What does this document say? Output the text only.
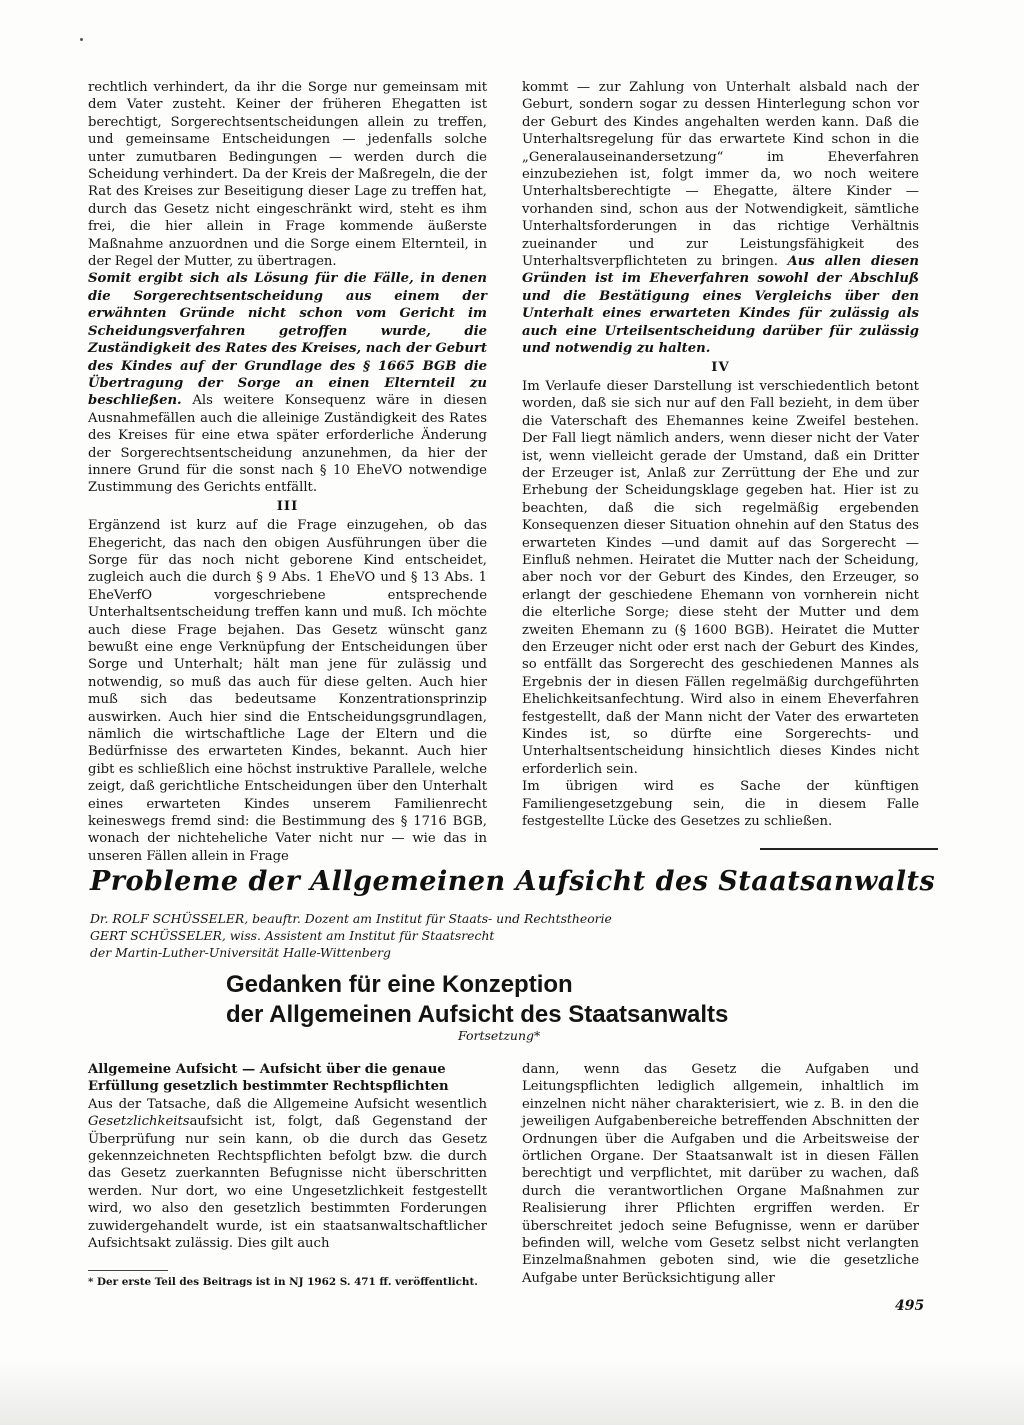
rechtlich verhindert, da ihr die Sorge nur gemeinsam mit dem Vater zusteht. Keiner der früheren Ehegatten ist berechtigt, Sorgerechtsentscheidungen allein zu treffen, und gemeinsame Entscheidungen — jedenfalls solche unter zumutbaren Bedingungen — werden durch die Scheidung verhindert. Da der Kreis der Maßregeln, die der Rat des Kreises zur Beseitigung dieser Lage zu treffen hat, durch das Gesetz nicht eingeschränkt wird, steht es ihm frei, die hier allein in Frage kommende äußerste Maßnahme anzuordnen und die Sorge einem Elternteil, in der Regel der Mutter, zu übertragen.

Somit ergibt sich als Lösung für die Fälle, in denen die Sorgerechtsentscheidung aus einem der erwähnten Gründe nicht schon vom Gericht im Scheidungsverfahren getroffen wurde, die Zuständigkeit des Rates des Kreises, nach der Geburt des Kindes auf der Grundlage des § 1665 BGB die Übertragung der Sorge an einen Elternteil zu beschließen. Als weitere Konsequenz wäre in diesen Ausnahmefällen auch die alleinige Zuständigkeit des Rates des Kreises für eine etwa später erforderliche Änderung der Sorgerechtsentscheidung anzunehmen, da hier der innere Grund für die sonst nach § 10 EheVO notwendige Zustimmung des Gerichts entfällt.

III

Ergänzend ist kurz auf die Frage einzugehen, ob das Ehegericht, das nach den obigen Ausführungen über die Sorge für das noch nicht geborene Kind entscheidet, zugleich auch die durch § 9 Abs. 1 EheVO und § 13 Abs. 1 EheVerfO vorgeschriebene entsprechende Unterhaltsentscheidung treffen kann und muß. Ich möchte auch diese Frage bejahen. Das Gesetz wünscht ganz bewußt eine enge Verknüpfung der Entscheidungen über Sorge und Unterhalt; hält man jene für zulässig und notwendig, so muß das auch für diese gelten. Auch hier muß sich das bedeutsame Konzentrationsprinzip auswirken. Auch hier sind die Entscheidungsgrundlagen, nämlich die wirtschaftliche Lage der Eltern und die Bedürfnisse des erwarteten Kindes, bekannt. Auch hier gibt es schließlich eine höchst instruktive Parallele, welche zeigt, daß gerichtliche Entscheidungen über den Unterhalt eines erwarteten Kindes unserem Familienrecht keineswegs fremd sind: die Bestimmung des § 1716 BGB, wonach der nichteheliche Vater nicht nur — wie das in unseren Fällen allein in Frage

kommt — zur Zahlung von Unterhalt alsbald nach der Geburt, sondern sogar zu dessen Hinterlegung schon vor der Geburt des Kindes angehalten werden kann. Daß die Unterhaltsregelung für das erwartete Kind schon in die „Generalauseinandersetzung“ im Eheverfahren einzubeziehen ist, folgt immer da, wo noch weitere Unterhaltsberechtigte — Ehegatte, ältere Kinder — vorhanden sind, schon aus der Notwendigkeit, sämtliche Unterhaltsforderungen in das richtige Verhältnis zueinander und zur Leistungsfähigkeit des Unterhaltsverpflichteten zu bringen. Aus allen diesen Gründen ist im Eheverfahren sowohl der Abschluß und die Bestätigung eines Vergleichs über den Unterhalt eines erwarteten Kindes für zulässig als auch eine Urteilsentscheidung darüber für zulässig und notwendig zu halten.

IV

Im Verlaufe dieser Darstellung ist verschiedentlich betont worden, daß sie sich nur auf den Fall bezieht, in dem über die Vaterschaft des Ehemannes keine Zweifel bestehen. Der Fall liegt nämlich anders, wenn dieser nicht der Vater ist, wenn vielleicht gerade der Umstand, daß ein Dritter der Erzeuger ist, Anlaß zur Zerrüttung der Ehe und zur Erhebung der Scheidungsklage gegeben hat. Hier ist zu beachten, daß die sich regelmäßig ergebenden Konsequenzen dieser Situation ohnehin auf den Status des erwarteten Kindes —und damit auf das Sorgerecht — Einfluß nehmen. Heiratet die Mutter nach der Scheidung, aber noch vor der Geburt des Kindes, den Erzeuger, so erlangt der geschiedene Ehemann von vornherein nicht die elterliche Sorge; diese steht der Mutter und dem zweiten Ehemann zu (§ 1600 BGB). Heiratet die Mutter den Erzeuger nicht oder erst nach der Geburt des Kindes, so entfällt das Sorgerecht des geschiedenen Mannes als Ergebnis der in diesen Fällen regelmäßig durchgeführten Ehelichkeitsanfechtung. Wird also in einem Eheverfahren festgestellt, daß der Mann nicht der Vater des erwarteten Kindes ist, so dürfte eine Sorgerechts- und Unterhaltsentscheidung hinsichtlich dieses Kindes nicht erforderlich sein.

Im übrigen wird es Sache der künftigen Familiengesetzgebung sein, die in diesem Falle festgestellte Lücke des Gesetzes zu schließen.

Probleme der Allgemeinen Aufsicht des Staatsanwalts
Dr. ROLF SCHÜSSELER, beauftr. Dozent am Institut für Staats- und Rechtstheorie
GERT SCHÜSSELER, wiss. Assistent am Institut für Staatsrecht
der Martin-Luther-Universität Halle-Wittenberg
Gedanken für eine Konzeption
der Allgemeinen Aufsicht des Staatsanwalts
Fortsetzung*

Allgemeine Aufsicht — Aufsicht über die genaue Erfüllung gesetzlich bestimmter Rechtspflichten

Aus der Tatsache, daß die Allgemeine Aufsicht wesentlich Gesetzlichkeitsaufsicht ist, folgt, daß Gegenstand der Überprüfung nur sein kann, ob die durch das Gesetz gekennzeichneten Rechtspflichten befolgt bzw. die durch das Gesetz zuerkannten Befugnisse nicht überschritten werden. Nur dort, wo eine Ungesetzlichkeit festgestellt wird, wo also den gesetzlich bestimmten Forderungen zuwidergehandelt wurde, ist ein staatsanwaltschaftlicher Aufsichtsakt zulässig. Dies gilt auch

* Der erste Teil des Beitrags ist in NJ 1962 S. 471 ff. veröffentlicht.

dann, wenn das Gesetz die Aufgaben und Leitungspflichten lediglich allgemein, inhaltlich im einzelnen nicht näher charakterisiert, wie z. B. in den die jeweiligen Aufgabenbereiche betreffenden Abschnitten der Ordnungen über die Aufgaben und die Arbeitsweise der örtlichen Organe. Der Staatsanwalt ist in diesen Fällen berechtigt und verpflichtet, mit darüber zu wachen, daß durch die verantwortlichen Organe Maßnahmen zur Realisierung ihrer Pflichten ergriffen werden. Er überschreitet jedoch seine Befugnisse, wenn er darüber befinden will, welche vom Gesetz selbst nicht verlangten Einzelmaßnahmen geboten sind, wie die gesetzliche Aufgabe unter Berücksichtigung aller

495
